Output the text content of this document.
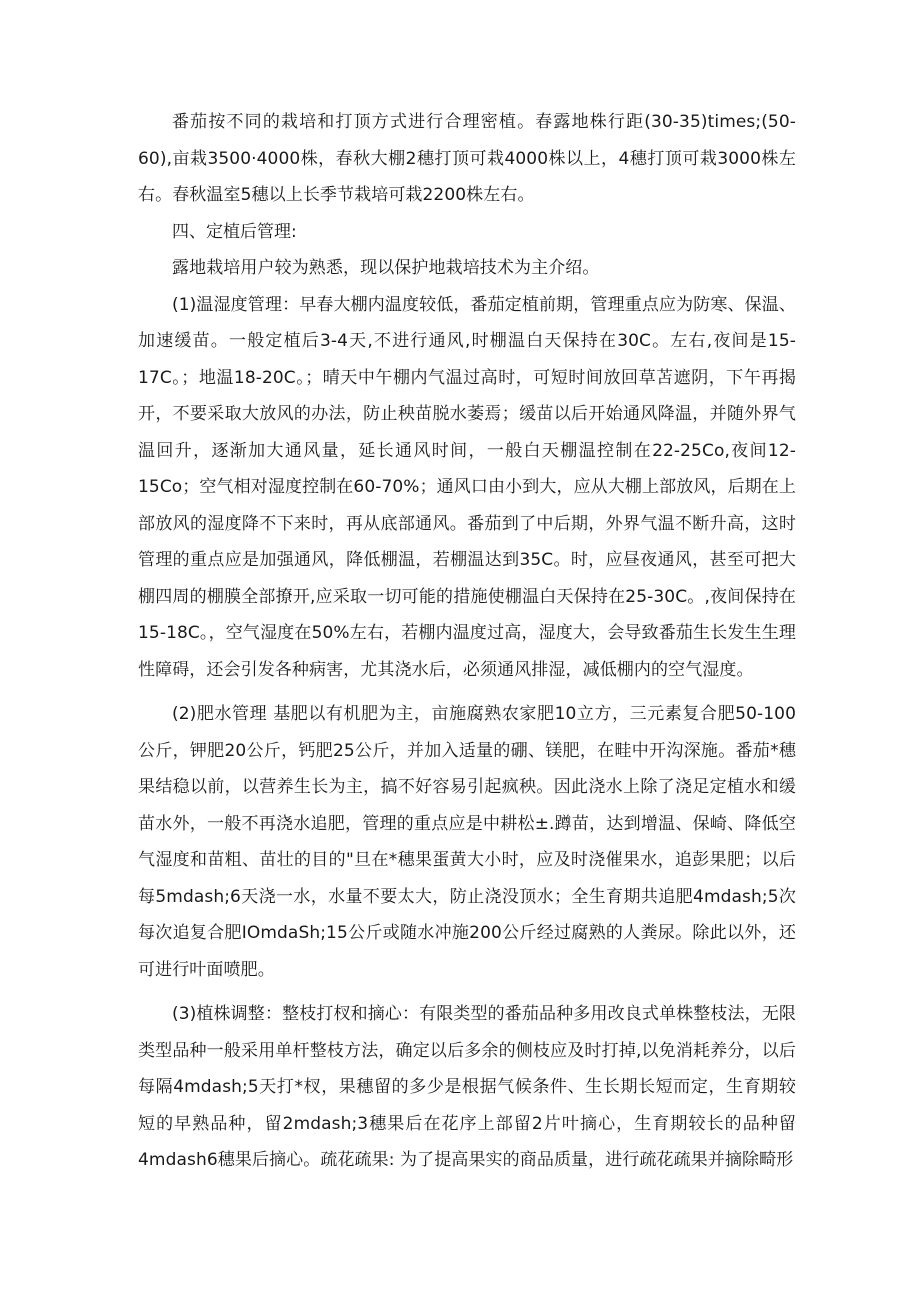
番茄按不同的栽培和打顶方式进行合理密植。春露地株行距(30-35)times;(50-60),亩栽3500·4000株，春秋大棚2穗打顶可栽4000株以上，4穗打顶可栽3000株左右。春秋温室5穗以上长季节栽培可栽2200株左右。

四、定植后管理:

露地栽培用户较为熟悉，现以保护地栽培技术为主介绍。

(1)温湿度管理：早春大棚内温度较低，番茄定植前期，管理重点应为防寒、保温、加速缓苗。一般定植后3-4天,不进行通风,时棚温白天保持在30C。左右,夜间是15-17C。；地温18-20C。；晴天中午棚内气温过高时，可短时间放回草苫遮阴，下午再揭开，不要采取大放风的办法，防止秧苗脱水萎焉；缓苗以后开始通风降温，并随外界气温回升，逐渐加大通风量，延长通风时间，一般白天棚温控制在22-25Co,夜间12-15Co；空气相对湿度控制在60-70%；通风口由小到大，应从大棚上部放风，后期在上部放风的湿度降不下来时，再从底部通风。番茄到了中后期，外界气温不断升高，这时管理的重点应是加强通风，降低棚温，若棚温达到35C。时，应昼夜通风，甚至可把大棚四周的棚膜全部撩开,应采取一切可能的措施使棚温白天保持在25-30C。,夜间保持在15-18C。，空气湿度在50%左右，若棚内温度过高，湿度大，会导致番茄生长发生生理性障碍，还会引发各种病害，尤其浇水后，必须通风排湿，减低棚内的空气湿度。

(2)肥水管理 基肥以有机肥为主，亩施腐熟农家肥10立方，三元素复合肥50-100公斤，钾肥20公斤，钙肥25公斤，并加入适量的硼、镁肥，在畦中开沟深施。番茄*穗果结稳以前，以营养生长为主，搞不好容易引起疯秧。因此浇水上除了浇足定植水和缓苗水外，一般不再浇水追肥，管理的重点应是中耕松±.蹲苗，达到增温、保崎、降低空气湿度和苗粗、苗壮的目的"旦在*穗果蛋黄大小时，应及时浇催果水，追彭果肥；以后每5mdash;6天浇一水，水量不要太大，防止浇没顶水；全生育期共追肥4mdash;5次每次追复合肥IOmdaSh;15公斤或随水冲施200公斤经过腐熟的人粪尿。除此以外，还可进行叶面喷肥。

(3)植株调整：整枝打杈和摘心：有限类型的番茄品种多用改良式单株整枝法，无限类型品种一般采用单杆整枝方法，确定以后多余的侧枝应及时打掉,以免消耗养分，以后每隔4mdash;5天打*杈，果穗留的多少是根据气候条件、生长期长短而定，生育期较短的早熟品种，留2mdash;3穗果后在花序上部留2片叶摘心，生育期较长的品种留4mdash6穗果后摘心。疏花疏果: 为了提高果实的商品质量，进行疏花疏果并摘除畸形
